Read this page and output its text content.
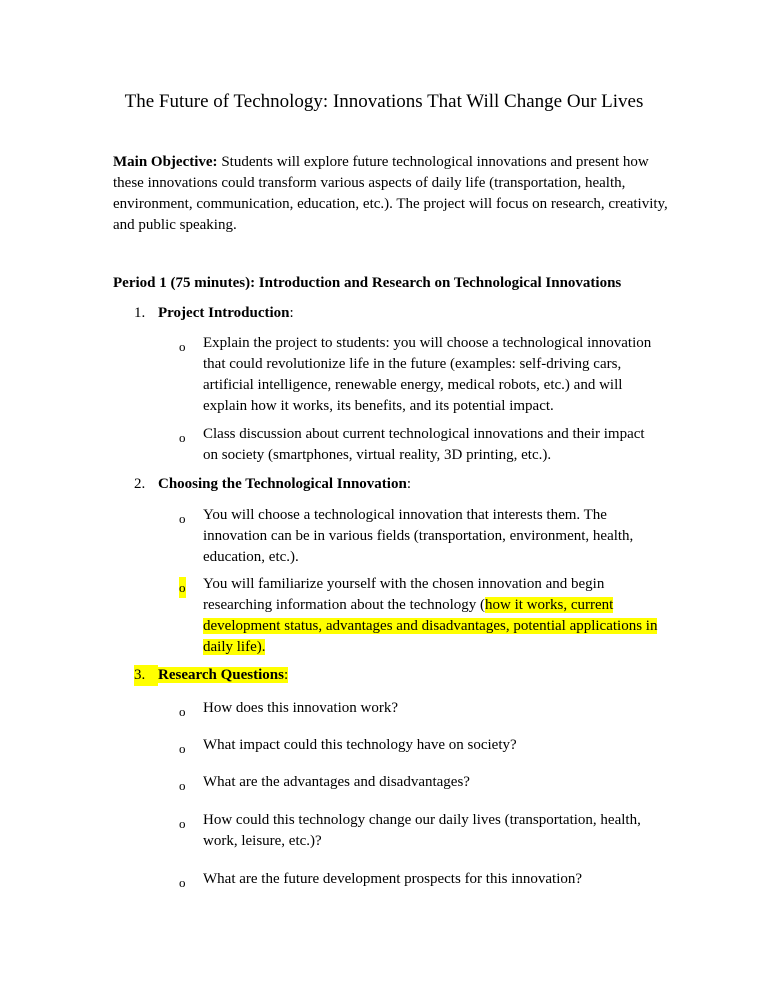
The Future of Technology: Innovations That Will Change Our Lives
Main Objective: Students will explore future technological innovations and present how these innovations could transform various aspects of daily life (transportation, health, environment, communication, education, etc.). The project will focus on research, creativity, and public speaking.
Period 1 (75 minutes): Introduction and Research on Technological Innovations
1. Project Introduction:
o Explain the project to students: you will choose a technological innovation that could revolutionize life in the future (examples: self-driving cars, artificial intelligence, renewable energy, medical robots, etc.) and will explain how it works, its benefits, and its potential impact.
o Class discussion about current technological innovations and their impact on society (smartphones, virtual reality, 3D printing, etc.).
2. Choosing the Technological Innovation:
o You will choose a technological innovation that interests them. The innovation can be in various fields (transportation, environment, health, education, etc.).
o You will familiarize yourself with the chosen innovation and begin researching information about the technology (how it works, current development status, advantages and disadvantages, potential applications in daily life).
3. Research Questions:
o How does this innovation work?
o What impact could this technology have on society?
o What are the advantages and disadvantages?
o How could this technology change our daily lives (transportation, health, work, leisure, etc.)?
o What are the future development prospects for this innovation?
